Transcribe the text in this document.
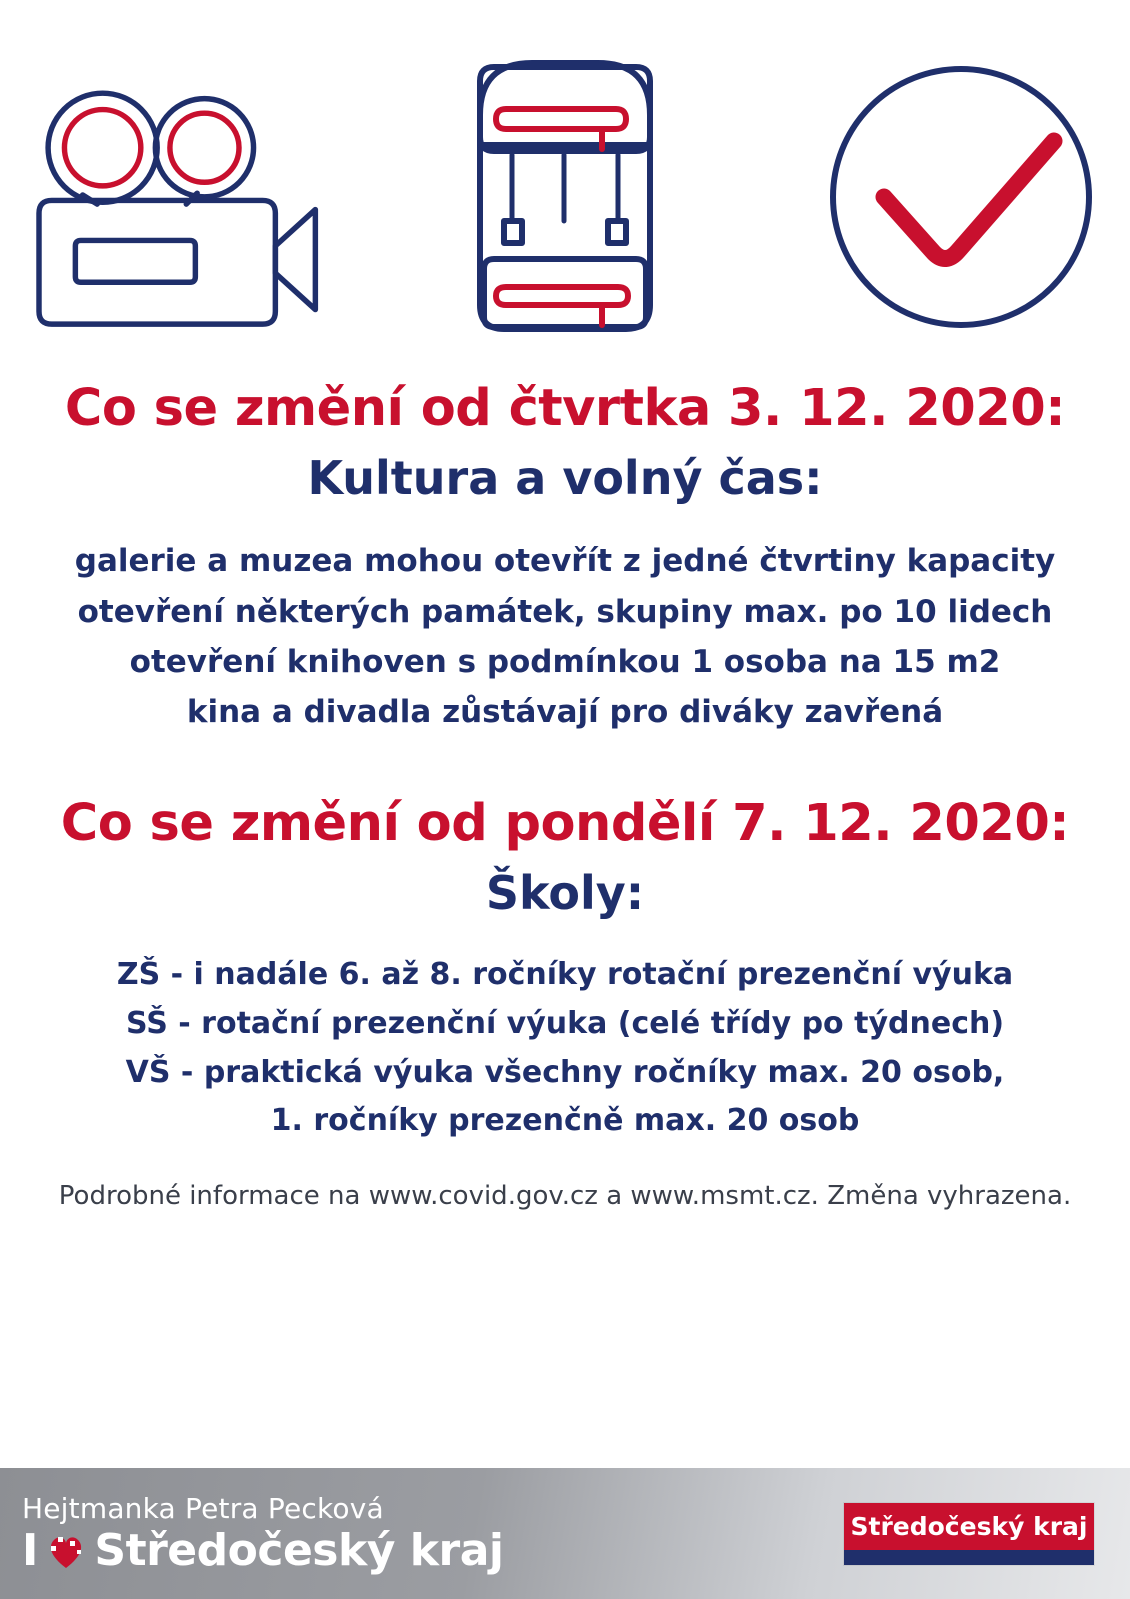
Co se změní od čtvrtka 3. 12. 2020:
Kultura a volný čas:
galerie a muzea mohou otevřít z jedné čtvrtiny kapacity
otevření některých památek, skupiny max. po 10 lidech
otevření knihoven s podmínkou 1 osoba na 15 m2
kina a divadla zůstávají pro diváky zavřená
Co se změní od pondělí 7. 12. 2020:
Školy:
ZŠ - i nadále 6. až 8. ročníky rotační prezenční výuka
SŠ - rotační prezenční výuka (celé třídy po týdnech)
VŠ - praktická výuka všechny ročníky max. 20 osob,
1. ročníky prezenčně max. 20 osob
Podrobné informace na www.covid.gov.cz a www.msmt.cz. Změna vyhrazena.
Hejtmanka Petra Pecková
I Středočeský kraj	Středočeský kraj
